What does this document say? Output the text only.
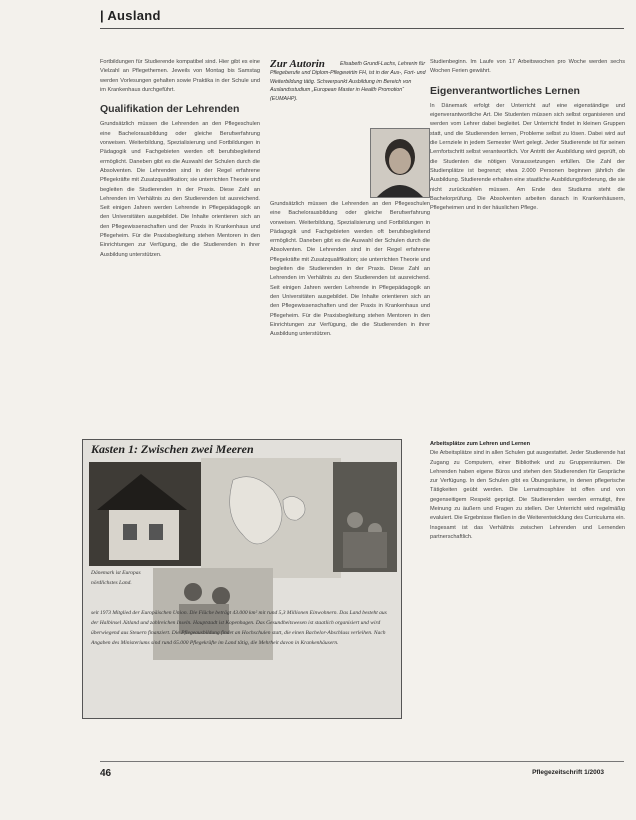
| Ausland

Fortbildungen für Studierende kompatibel sind. Hier gibt es eine Vielzahl an Pflegethemen. Jeweils von Montag bis Samstag werden Vorlesungen gehalten sowie Praktika in der Schule und im Krankenhaus durchgeführt.

Qualifikation der Lehrenden

Grundsätzlich müssen die Lehrenden an den Pflegeschulen eine Bachelorausbildung oder gleiche Berufserfahrung vorweisen. Weiterbildung, Spezialisierung und Fortbildungen in Pädagogik und Fachgebieten werden oft berufsbegleitend ermöglicht. Daneben gibt es die Auswahl der Schulen durch die Absolventen. Die Lehrenden sind in der Regel erfahrene Pflegekräfte mit Zusatzqualifikation; sie unterrichten Theorie und begleiten die Studierenden in der Praxis. Diese Zahl an Lehrenden im Verhältnis zu den Studierenden ist ausreichend. Seit einigen Jahren werden Lehrende in Pflegepädagogik an den Universitäten ausgebildet. Die Inhalte orientieren sich an den Pflegewissenschaften und der Praxis in Krankenhaus und Pflegeheim. Für die Praxisbegleitung stehen Mentoren in den Einrichtungen zur Verfügung, die die Studierenden in ihrer Ausbildung unterstützen.

Zur Autorin	Elisabeth Grundl-Lachs, Lehrerin für Pflegeberufe und Diplom-Pflegewirtin FH, ist in der Aus-, Fort- und Weiterbildung tätig. Schwerpunkt Ausbildung im Bereich von Auslandsstudium „European Master in Health Promotion“ (EUMAHP).

Grundsätzlich müssen die Lehrenden an den Pflegeschulen eine Bachelorausbildung oder gleiche Berufserfahrung vorweisen. Weiterbildung, Spezialisierung und Fortbildungen in Pädagogik und Fachgebieten werden oft berufsbegleitend ermöglicht. Daneben gibt es die Auswahl der Schulen durch die Absolventen. Die Lehrenden sind in der Regel erfahrene Pflegekräfte mit Zusatzqualifikation; sie unterrichten Theorie und begleiten die Studierenden in der Praxis. Diese Zahl an Lehrenden im Verhältnis zu den Studierenden ist ausreichend. Seit einigen Jahren werden Lehrende in Pflegepädagogik an den Universitäten ausgebildet. Die Inhalte orientieren sich an den Pflegewissenschaften und der Praxis in Krankenhaus und Pflegeheim. Für die Praxisbegleitung stehen Mentoren in den Einrichtungen zur Verfügung, die die Studierenden in ihrer Ausbildung unterstützen.

Studienbeginn. Im Laufe von 17 Arbeitswochen pro Woche werden sechs Wochen Ferien gewährt.

Eigenverantwortliches Lernen

In Dänemark erfolgt der Unterricht auf eine eigenständige und eigenverantwortliche Art. Die Studenten müssen sich selbst organisieren und werden vom Lehrer dabei begleitet. Der Unterricht findet in kleinen Gruppen statt, und die Studierenden lernen, Probleme selbst zu lösen. Dabei wird auf die Lernziele in jedem Semester Wert gelegt. Jeder Studierende ist für seinen Lernfortschritt selbst verantwortlich. Vor Antritt der Ausbildung wird geprüft, ob die Studenten die nötigen Voraussetzungen erfüllen. Die Zahl der Studienplätze ist begrenzt; etwa 2.000 Personen beginnen jährlich die Ausbildung. Studierende erhalten eine staatliche Ausbildungsförderung, die sie nicht zurückzahlen müssen. Am Ende des Studiums steht die Bachelorprüfung. Die Absolventen arbeiten danach in Krankenhäusern, Pflegeheimen und in der häuslichen Pflege.

Kasten 1: Zwischen zwei Meeren
Dänemark ist Europas nördlichstes Land.
seit 1973 Mitglied der Europäischen Union. Die Fläche beträgt 43.000 km² mit rund 5,3 Millionen Einwohnern. Das Land besteht aus der Halbinsel Jütland und zahlreichen Inseln. Hauptstadt ist Kopenhagen. Das Gesundheitswesen ist staatlich organisiert und wird überwiegend aus Steuern finanziert. Die Pflegeausbildung findet an Hochschulen statt, die einen Bachelor-Abschluss verleihen. Nach Angaben des Ministeriums sind rund 65.000 Pflegekräfte im Land tätig, die Mehrheit davon in Krankenhäusern.

Arbeitsplätze zum Lehren und Lernen

Die Arbeitsplätze sind in allen Schulen gut ausgestattet. Jeder Studierende hat Zugang zu Computern, einer Bibliothek und zu Gruppenräumen. Die Lehrenden haben eigene Büros und stehen den Studierenden für Gespräche zur Verfügung. In den Schulen gibt es Übungsräume, in denen pflegerische Tätigkeiten geübt werden. Die Lernatmosphäre ist offen und von gegenseitigem Respekt geprägt. Die Studierenden werden ermutigt, ihre Meinung zu äußern und Fragen zu stellen. Der Unterricht wird regelmäßig evaluiert. Die Ergebnisse fließen in die Weiterentwicklung des Curriculums ein. Insgesamt ist das Verhältnis zwischen Lehrenden und Lernenden partnerschaftlich.

46	Pflegezeitschrift 1/2003
